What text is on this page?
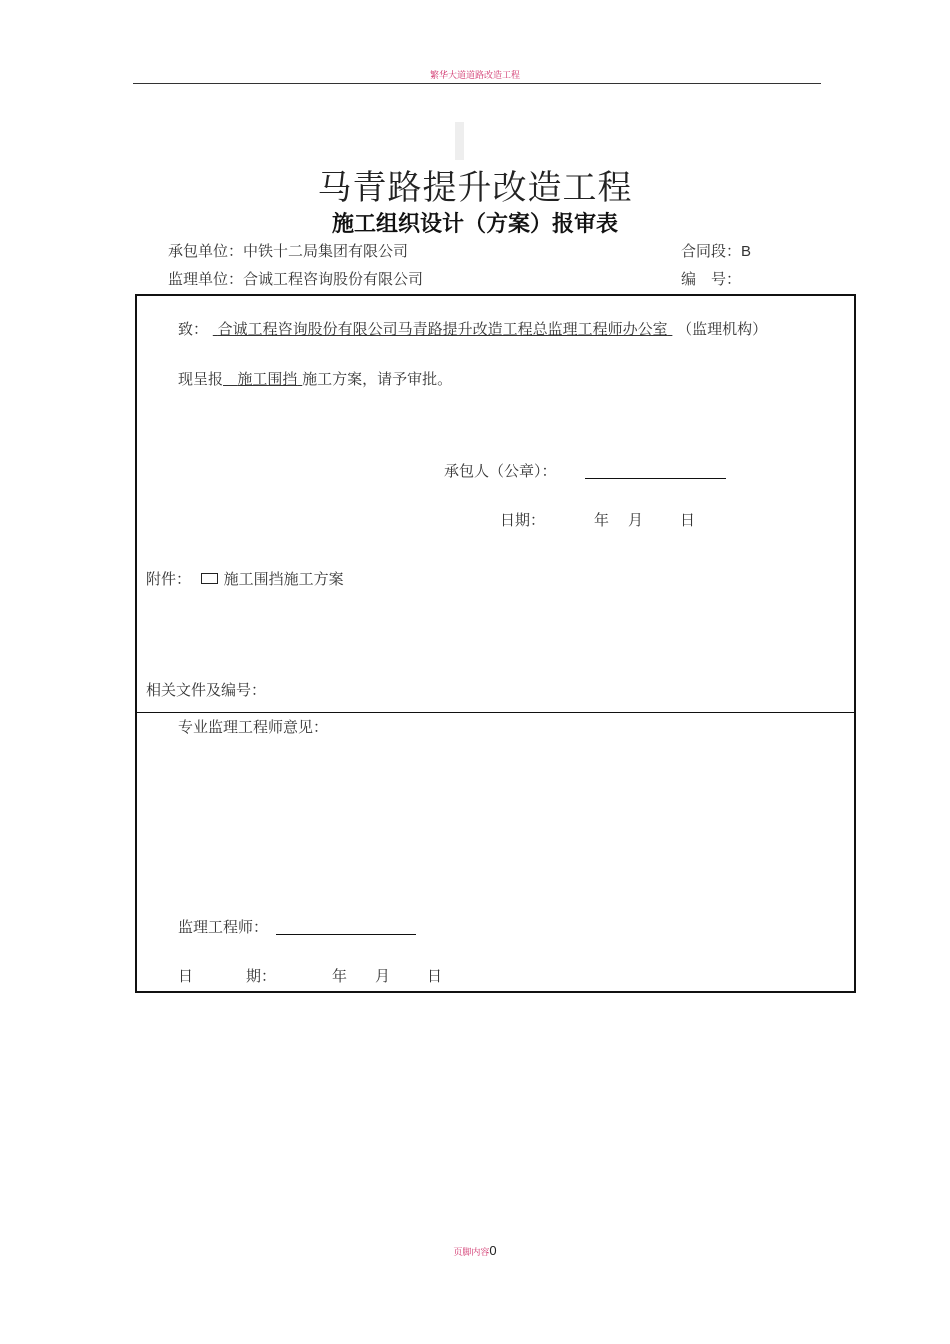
繁华大道道路改造工程
马青路提升改造工程
施工组织设计（方案）报审表
承包单位：中铁十二局集团有限公司	合同段：B
监理单位：合诚工程咨询股份有限公司	编　号：
致： 合诚工程咨询股份有限公司马青路提升改造工程总监理工程师办公室 （监理机构）
现呈报 施工围挡 施工方案，请予审批。
承包人（公章）：
日期：	年 月 日
附件： 施工围挡施工方案
相关文件及编号：
专业监理工程师意见：
监理工程师：
日	期：	年 月 日
页脚内容0
